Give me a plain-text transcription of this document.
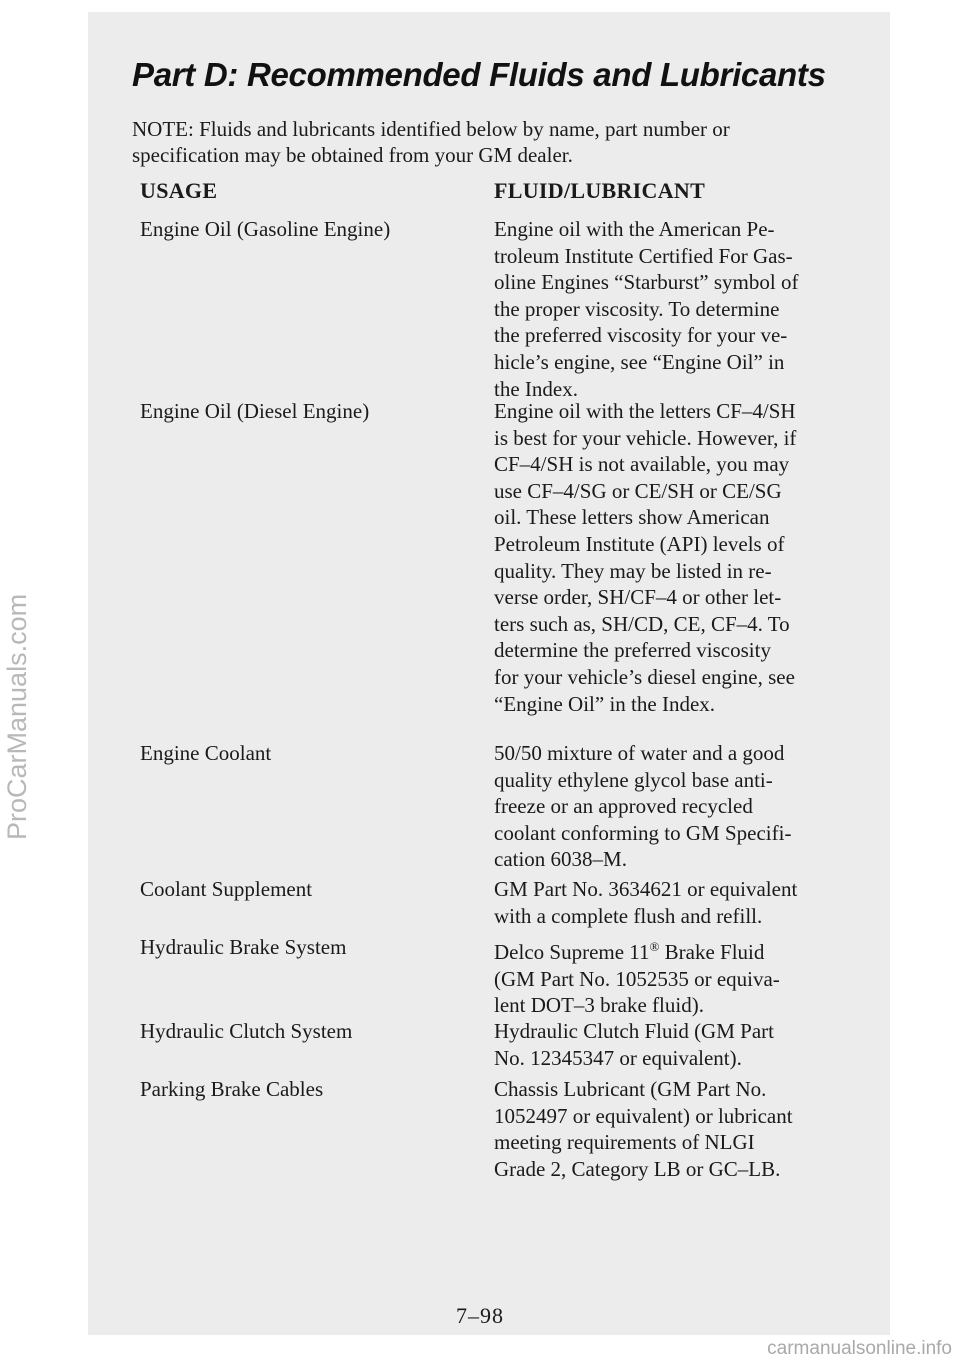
Part D: Recommended Fluids and Lubricants
NOTE: Fluids and lubricants identified below by name, part number or specification may be obtained from your GM dealer.
USAGE	FLUID/LUBRICANT
Engine Oil (Gasoline Engine)	Engine oil with the American Pe-

troleum Institute Certified For Gas-

oline Engines “Starburst” symbol of

the proper viscosity. To determine

the preferred viscosity for your ve-

hicle’s engine, see “Engine Oil” in

the Index.

Engine Oil (Diesel Engine)	Engine oil with the letters CF–4/SH

is best for your vehicle. However, if

CF–4/SH is not available, you may

use CF–4/SG or CE/SH or CE/SG

oil. These letters show American

Petroleum Institute (API) levels of

quality. They may be listed in re-

verse order, SH/CF–4 or other let-

ters such as, SH/CD, CE, CF–4. To

determine the preferred viscosity

for your vehicle’s diesel engine, see

“Engine Oil” in the Index.

Engine Coolant	50/50 mixture of water and a good

quality ethylene glycol base anti-

freeze or an approved recycled

coolant conforming to GM Specifi-

cation 6038–M.

Coolant Supplement	GM Part No. 3634621 or equivalent

with a complete flush and refill.

Hydraulic Brake System	Delco Supreme 11® Brake Fluid

(GM Part No. 1052535 or equiva-

lent DOT–3 brake fluid).

Hydraulic Clutch System	Hydraulic Clutch Fluid (GM Part

No. 12345347 or equivalent).

Parking Brake Cables	Chassis Lubricant (GM Part No.

1052497 or equivalent) or lubricant

meeting requirements of NLGI

Grade 2, Category LB or GC–LB.

7–98
ProCarManuals.com
carmanualsonline.info
